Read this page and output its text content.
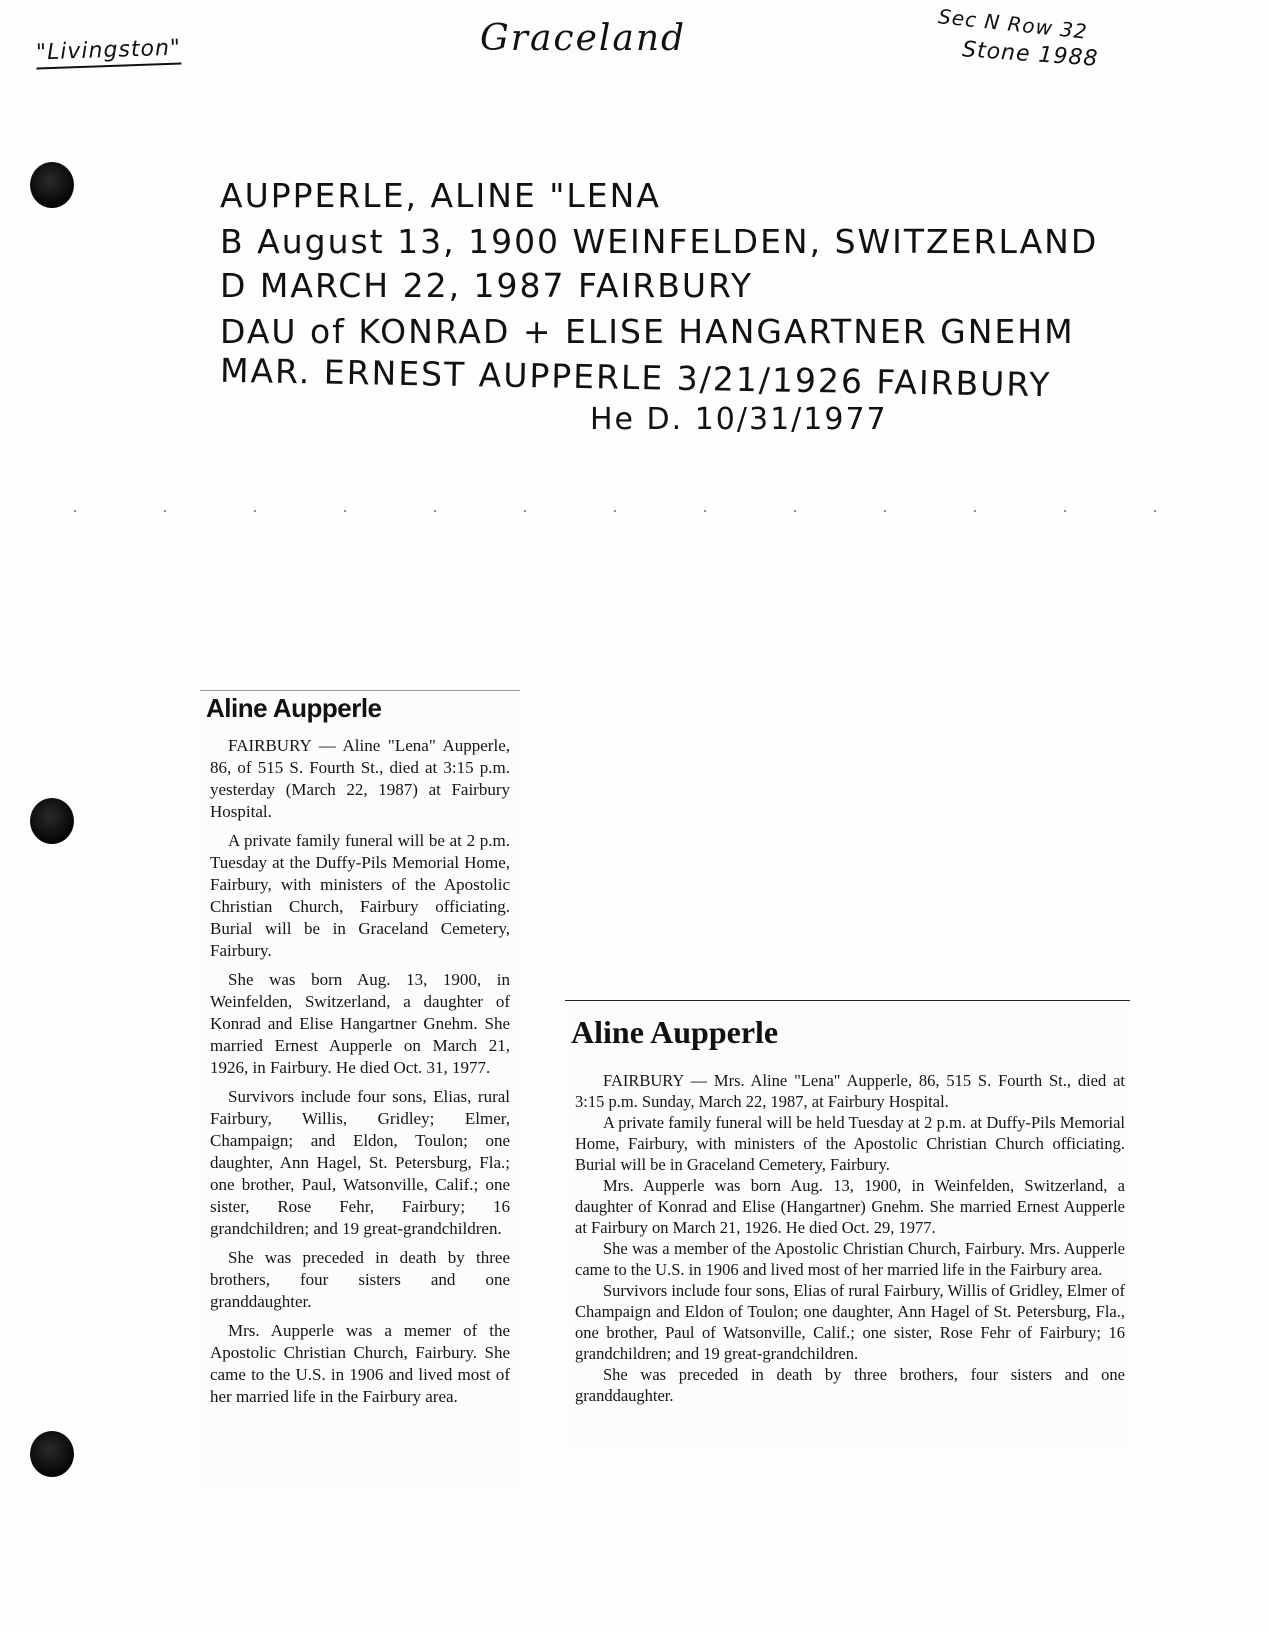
"Livingston"	Graceland	Sec N Row 32
Stone 1988
AUPPERLE, ALINE "LENA
B August 13, 1900 WEINFELDEN, SWITZERLAND
D MARCH 22, 1987 FAIRBURY
DAU of KONRAD + ELISE HANGARTNER GNEHM
MAR. ERNEST AUPPERLE 3/21/1926 FAIRBURY
He D. 10/31/1977
Aline Aupperle

FAIRBURY — Aline "Lena" Aupperle, 86, of 515 S. Fourth St., died at 3:15 p.m. yesterday (March 22, 1987) at Fairbury Hospital.

A private family funeral will be at 2 p.m. Tuesday at the Duffy-Pils Memorial Home, Fairbury, with ministers of the Apostolic Christian Church, Fairbury officiating. Burial will be in Graceland Cemetery, Fairbury.

She was born Aug. 13, 1900, in Weinfelden, Switzerland, a daughter of Konrad and Elise Hangartner Gnehm. She married Ernest Aupperle on March 21, 1926, in Fairbury. He died Oct. 31, 1977.

Survivors include four sons, Elias, rural Fairbury, Willis, Gridley; Elmer, Champaign; and Eldon, Toulon; one daughter, Ann Hagel, St. Petersburg, Fla.; one brother, Paul, Watsonville, Calif.; one sister, Rose Fehr, Fairbury; 16 grandchildren; and 19 great-grandchildren.

She was preceded in death by three brothers, four sisters and one granddaughter.

Mrs. Aupperle was a memer of the Apostolic Christian Church, Fairbury. She came to the U.S. in 1906 and lived most of her married life in the Fairbury area.

Aline Aupperle

FAIRBURY — Mrs. Aline "Lena" Aupperle, 86, 515 S. Fourth St., died at 3:15 p.m. Sunday, March 22, 1987, at Fairbury Hospital.

A private family funeral will be held Tuesday at 2 p.m. at Duffy-Pils Memorial Home, Fairbury, with ministers of the Apostolic Christian Church officiating. Burial will be in Graceland Cemetery, Fairbury.

Mrs. Aupperle was born Aug. 13, 1900, in Weinfelden, Switzerland, a daughter of Konrad and Elise (Hangartner) Gnehm. She married Ernest Aupperle at Fairbury on March 21, 1926. He died Oct. 29, 1977.

She was a member of the Apostolic Christian Church, Fairbury. Mrs. Aupperle came to the U.S. in 1906 and lived most of her married life in the Fairbury area.

Survivors include four sons, Elias of rural Fairbury, Willis of Gridley, Elmer of Champaign and Eldon of Toulon; one daughter, Ann Hagel of St. Petersburg, Fla., one brother, Paul of Watsonville, Calif.; one sister, Rose Fehr of Fairbury; 16 grandchildren; and 19 great-grandchildren.

She was preceded in death by three brothers, four sisters and one granddaughter.
